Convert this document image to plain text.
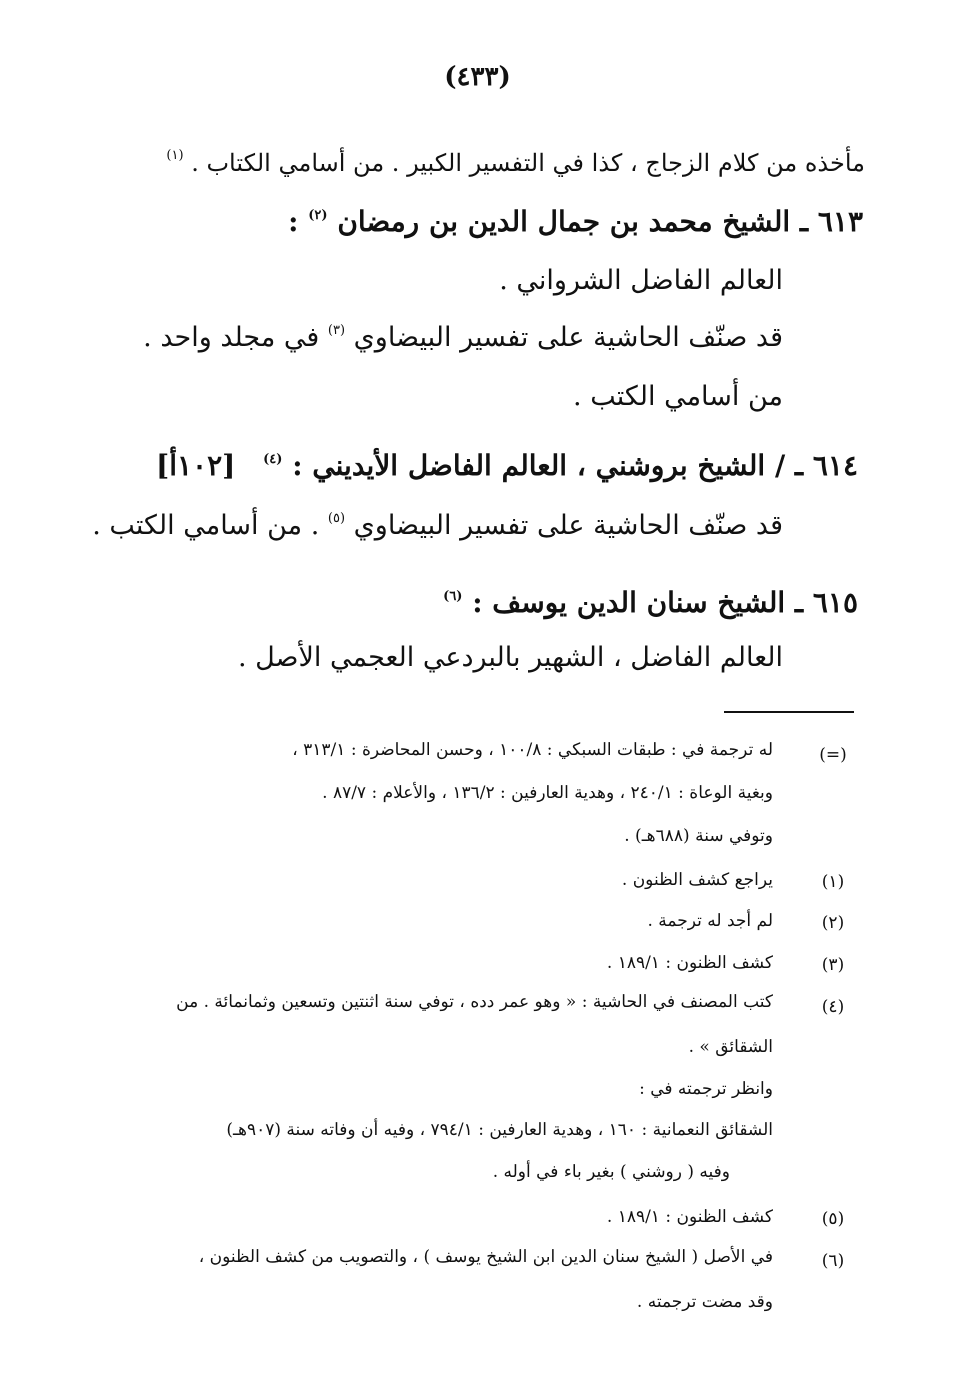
(٤٣٣)
مأخذه من كلام الزجاج ، كذا في التفسير الكبير . من أسامي الكتاب . $^{(١)}$
٦١٣ ـ الشيخ محمد بن جمال الدين بن رمضان $^{(٢)}$ :
العالم الفاضل الشرواني .
قد صنّف الحاشية على تفسير البيضاوي $^{(٣)}$ في مجلد واحد .
من أسامي الكتب .
٦١٤ ـ / الشيخ بروشني ، العالم الفاضل الأيديني : $^{(٤)}$ [١٠٢أ]
قد صنّف الحاشية على تفسير البيضاوي $^{(٥)}$ . من أسامي الكتب .
٦١٥ ـ الشيخ سنان الدين يوسف : $^{(٦)}$
العالم الفاضل ، الشهير بالبردعي العجمي الأصل .
(=)
له ترجمة في : طبقات السبكي : ١٠٠/٨ ، وحسن المحاضرة : ٣١٣/١ ،
وبغية الوعاة : ٢٤٠/١ ، وهدية العارفين : ١٣٦/٢ ، والأعلام : ٨٧/٧ .
وتوفي سنة (٦٨٨هـ) .
(١)
يراجع كشف الظنون .
(٢)
لم أجد له ترجمة .
(٣)
كشف الظنون : ١٨٩/١ .
(٤)
كتب المصنف في الحاشية : « وهو عمر دده ، توفي سنة اثنتين وتسعين وثمانمائة . من
الشقائق » .
وانظر ترجمته في :
الشقائق النعمانية : ١٦٠ ، وهدية العارفين : ٧٩٤/١ ، وفيه أن وفاته سنة (٩٠٧هـ)
وفيه ( روشني ) بغير باء في أوله .
(٥)
كشف الظنون : ١٨٩/١ .
(٦)
في الأصل ( الشيخ سنان الدين ابن الشيخ يوسف ) ، والتصويب من كشف الظنون ،
وقد مضت ترجمته .
